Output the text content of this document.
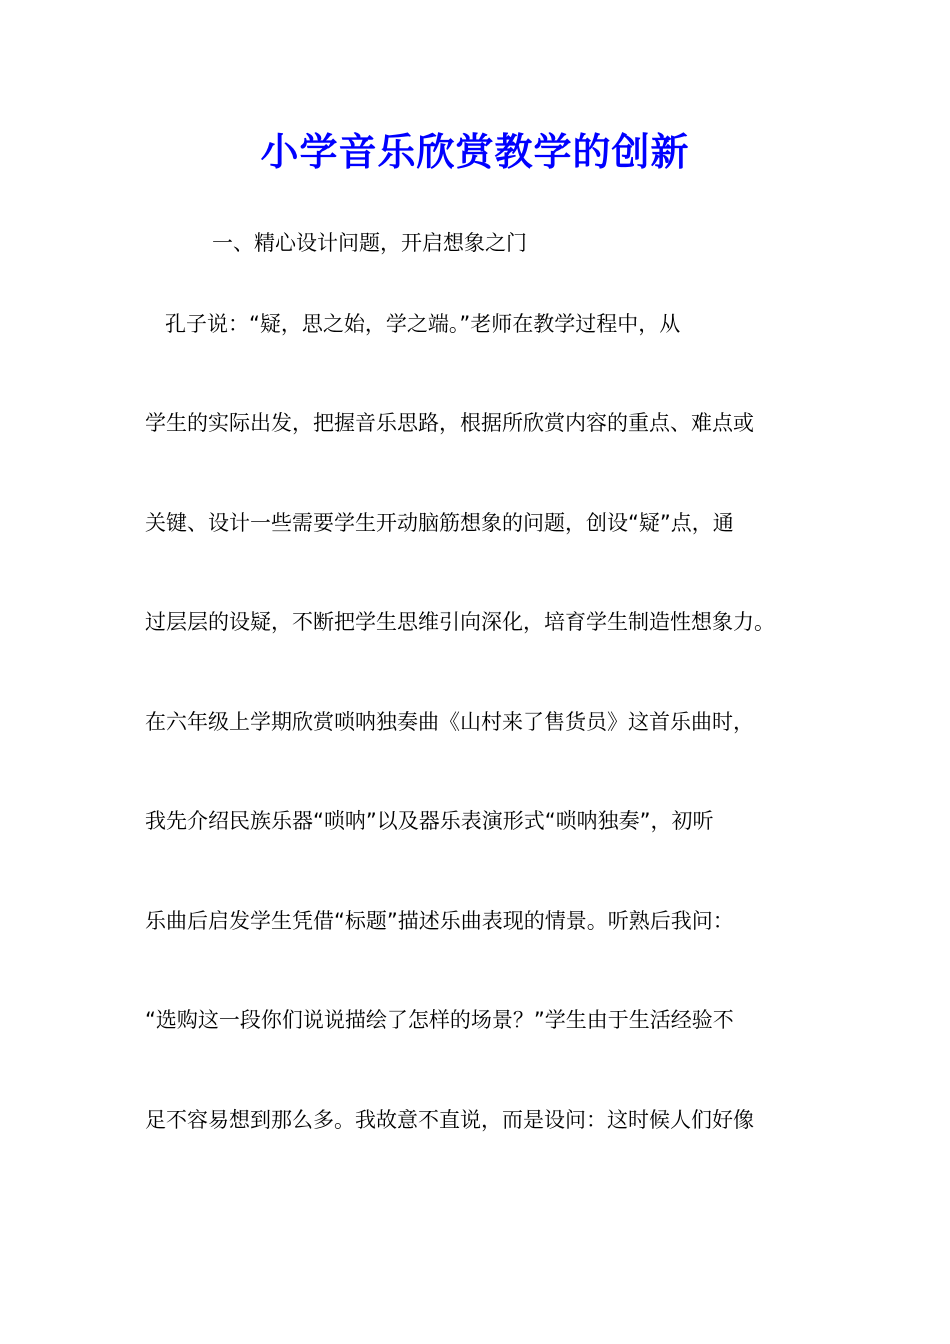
小学音乐欣赏教学的创新

一、精心设计问题，开启想象之门

孔子说：“疑，思之始，学之端。”老师在教学过程中，从

学生的实际出发，把握音乐思路，根据所欣赏内容的重点、难点或

关键、设计一些需要学生开动脑筋想象的问题，创设“疑”点，通

过层层的设疑，不断把学生思维引向深化，培育学生制造性想象力。

在六年级上学期欣赏唢呐独奏曲《山村来了售货员》这首乐曲时，

我先介绍民族乐器“唢呐”以及器乐表演形式“唢呐独奏”，初听

乐曲后启发学生凭借“标题”描述乐曲表现的情景。听熟后我问：

“选购这一段你们说说描绘了怎样的场景？”学生由于生活经验不

足不容易想到那么多。我故意不直说，而是设问：这时候人们好像
